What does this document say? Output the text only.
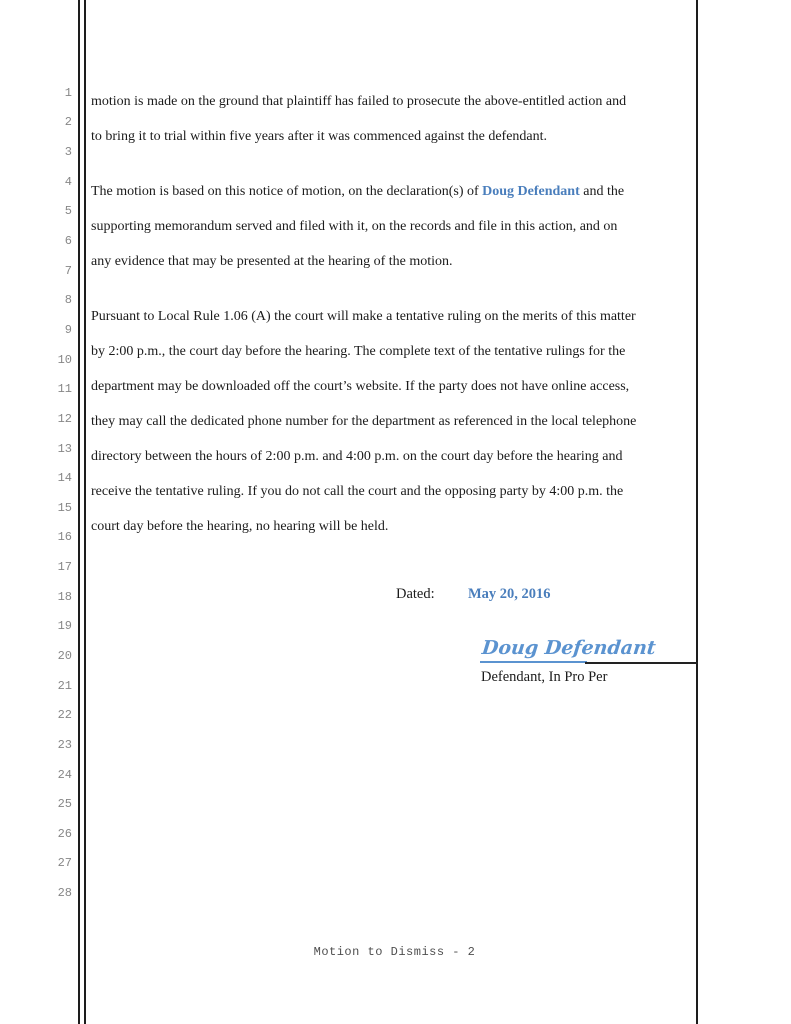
1
2
3
4
5
6
7
8
9
10
11
12
13
14
15
16
17
18
19
20
21
22
23
24
25
26
27
28
motion is made on the ground that plaintiff has failed to prosecute the above-entitled action and
to bring it to trial within five years after it was commenced against the defendant.
The motion is based on this notice of motion, on the declaration(s) of Doug Defendant and the
supporting memorandum served and filed with it, on the records and file in this action, and on
any evidence that may be presented at the hearing of the motion.
Pursuant to Local Rule 1.06 (A) the court will make a tentative ruling on the merits of this matter
by 2:00 p.m., the court day before the hearing. The complete text of the tentative rulings for the
department may be downloaded off the court’s website. If the party does not have online access,
they may call the dedicated phone number for the department as referenced in the local telephone
directory between the hours of 2:00 p.m. and 4:00 p.m. on the court day before the hearing and
receive the tentative ruling. If you do not call the court and the opposing party by 4:00 p.m. the
court day before the hearing, no hearing will be held.
Dated: May 20, 2016
Doug Defendant
Defendant, In Pro Per
Motion to Dismiss - 2
